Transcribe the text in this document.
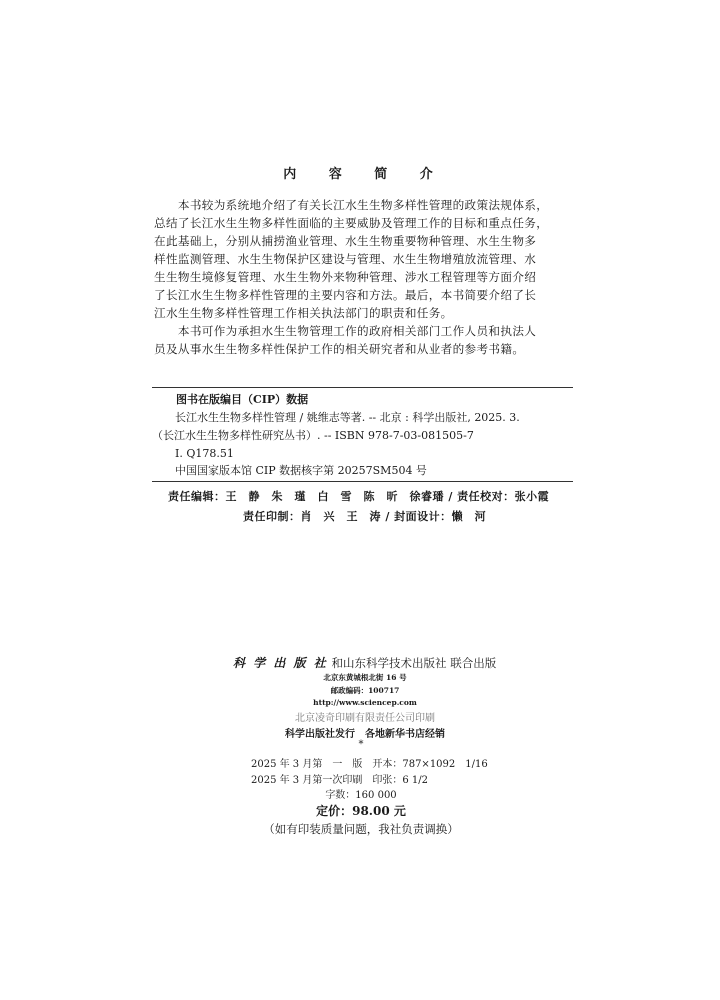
内 容 简 介
　　本书较为系统地介绍了有关长江水生生物多样性管理的政策法规体系，
总结了长江水生生物多样性面临的主要威胁及管理工作的目标和重点任务，
在此基础上，分别从捕捞渔业管理、水生生物重要物种管理、水生生物多
样性监测管理、水生生物保护区建设与管理、水生生物增殖放流管理、水
生生物生境修复管理、水生生物外来物种管理、涉水工程管理等方面介绍
了长江水生生物多样性管理的主要内容和方法。最后，本书简要介绍了长
江水生生物多样性管理工作相关执法部门的职责和任务。
　　本书可作为承担水生生物管理工作的政府相关部门工作人员和执法人
员及从事水生生物多样性保护工作的相关研究者和从业者的参考书籍。
图书在版编目（CIP）数据
　长江水生生物多样性管理 / 姚维志等著. -- 北京 : 科学出版社, 2025. 3.
（长江水生生物多样性研究丛书）. -- ISBN 978-7-03-081505-7
　Ⅰ. Q178.51
　中国国家版本馆 CIP 数据核字第 20257SM504 号
责任编辑：王　静　朱　瑾　白　雪　陈　昕　徐睿璠 / 责任校对：张小霞
责任印制：肖　兴　王　涛 / 封面设计：懒　河
科 学 出 版 社 和山东科学技术出版社 联合出版
北京东黄城根北街 16 号
邮政编码：100717
http://www.sciencep.com
北京凌奇印刷有限责任公司印刷
科学出版社发行　各地新华书店经销
*
2025 年 3 月第　一　版　开本：787×1092　1/16
2025 年 3 月第一次印刷　印张：6 1/2
字数：160 000
定价：98.00 元
（如有印装质量问题，我社负责调换）
